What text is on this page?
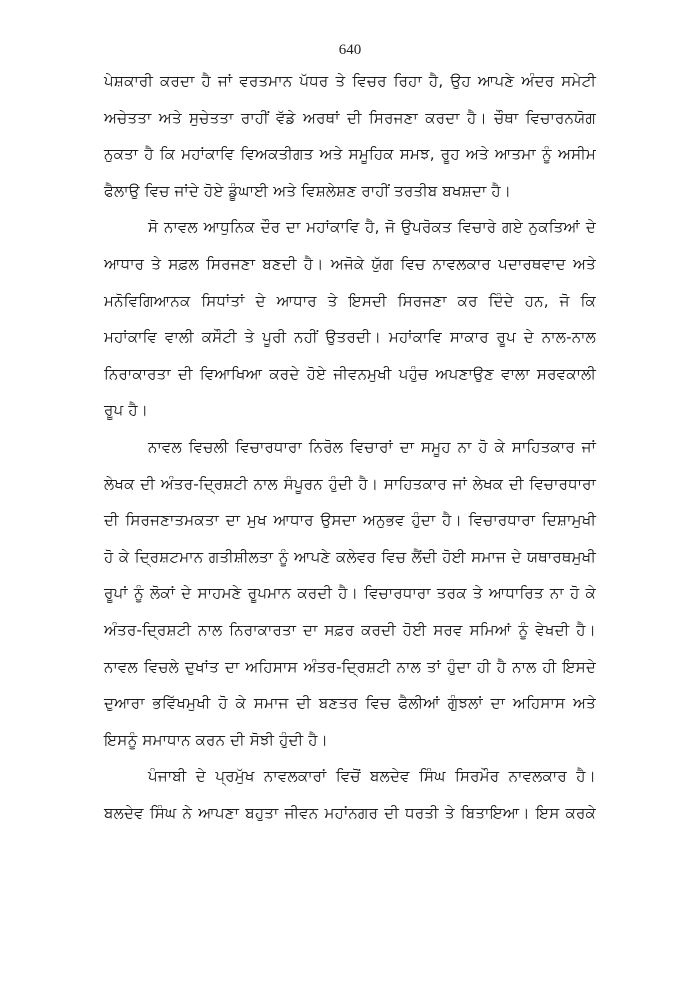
640
ਪੇਸ਼ਕਾਰੀ ਕਰਦਾ ਹੈ ਜਾਂ ਵਰਤਮਾਨ ਪੱਧਰ ਤੇ ਵਿਚਰ ਰਿਹਾ ਹੈ, ਉਹ ਆਪਣੇ ਅੰਦਰ ਸਮੇਟੀ
ਅਚੇਤਤਾ ਅਤੇ ਸੁਚੇਤਤਾ ਰਾਹੀਂ ਵੱਡੇ ਅਰਥਾਂ ਦੀ ਸਿਰਜਣਾ ਕਰਦਾ ਹੈ। ਚੌਥਾ ਵਿਚਾਰਨਯੋਗ
ਨੁਕਤਾ ਹੈ ਕਿ ਮਹਾਂਕਾਵਿ ਵਿਅਕਤੀਗਤ ਅਤੇ ਸਮੂਹਿਕ ਸਮਝ, ਰੂਹ ਅਤੇ ਆਤਮਾ ਨੂੰ ਅਸੀਮ
ਫੈਲਾਉ ਵਿਚ ਜਾਂਦੇ ਹੋਏ ਡੂੰਘਾਈ ਅਤੇ ਵਿਸ਼ਲੇਸ਼ਣ ਰਾਹੀਂ ਤਰਤੀਬ ਬਖਸ਼ਦਾ ਹੈ।
ਸੋ ਨਾਵਲ ਆਧੁਨਿਕ ਦੌਰ ਦਾ ਮਹਾਂਕਾਵਿ ਹੈ, ਜੋ ਉਪਰੋਕਤ ਵਿਚਾਰੇ ਗਏ ਨੁਕਤਿਆਂ ਦੇ
ਆਧਾਰ ਤੇ ਸਫ਼ਲ ਸਿਰਜਣਾ ਬਣਦੀ ਹੈ। ਅਜੋਕੇ ਯੁੱਗ ਵਿਚ ਨਾਵਲਕਾਰ ਪਦਾਰਥਵਾਦ ਅਤੇ
ਮਨੋਵਿਗਿਆਨਕ ਸਿਧਾਂਤਾਂ ਦੇ ਆਧਾਰ ਤੇ ਇਸਦੀ ਸਿਰਜਣਾ ਕਰ ਦਿੰਦੇ ਹਨ, ਜੋ ਕਿ
ਮਹਾਂਕਾਵਿ ਵਾਲੀ ਕਸੌਟੀ ਤੇ ਪੂਰੀ ਨਹੀਂ ਉਤਰਦੀ। ਮਹਾਂਕਾਵਿ ਸਾਕਾਰ ਰੂਪ ਦੇ ਨਾਲ-ਨਾਲ
ਨਿਰਾਕਾਰਤਾ ਦੀ ਵਿਆਖਿਆ ਕਰਦੇ ਹੋਏ ਜੀਵਨਮੁਖੀ ਪਹੁੰਚ ਅਪਣਾਉਣ ਵਾਲਾ ਸਰਵਕਾਲੀ
ਰੂਪ ਹੈ।
ਨਾਵਲ ਵਿਚਲੀ ਵਿਚਾਰਧਾਰਾ ਨਿਰੋਲ ਵਿਚਾਰਾਂ ਦਾ ਸਮੂਹ ਨਾ ਹੋ ਕੇ ਸਾਹਿਤਕਾਰ ਜਾਂ
ਲੇਖਕ ਦੀ ਅੰਤਰ-ਦ੍ਰਿਸ਼ਟੀ ਨਾਲ ਸੰਪੂਰਨ ਹੁੰਦੀ ਹੈ। ਸਾਹਿਤਕਾਰ ਜਾਂ ਲੇਖਕ ਦੀ ਵਿਚਾਰਧਾਰਾ
ਦੀ ਸਿਰਜਣਾਤਮਕਤਾ ਦਾ ਮੁਖ ਆਧਾਰ ਉਸਦਾ ਅਨੁਭਵ ਹੁੰਦਾ ਹੈ। ਵਿਚਾਰਧਾਰਾ ਦਿਸ਼ਾਮੁਖੀ
ਹੋ ਕੇ ਦ੍ਰਿਸ਼ਟਮਾਨ ਗਤੀਸ਼ੀਲਤਾ ਨੂੰ ਆਪਣੇ ਕਲੇਵਰ ਵਿਚ ਲੈਂਦੀ ਹੋਈ ਸਮਾਜ ਦੇ ਯਥਾਰਥਮੁਖੀ
ਰੂਪਾਂ ਨੂੰ ਲੋਕਾਂ ਦੇ ਸਾਹਮਣੇ ਰੂਪਮਾਨ ਕਰਦੀ ਹੈ। ਵਿਚਾਰਧਾਰਾ ਤਰਕ ਤੇ ਆਧਾਰਿਤ ਨਾ ਹੋ ਕੇ
ਅੰਤਰ-ਦ੍ਰਿਸ਼ਟੀ ਨਾਲ ਨਿਰਾਕਾਰਤਾ ਦਾ ਸਫ਼ਰ ਕਰਦੀ ਹੋਈ ਸਰਵ ਸਮਿਆਂ ਨੂੰ ਵੇਖਦੀ ਹੈ।
ਨਾਵਲ ਵਿਚਲੇ ਦੁਖਾਂਤ ਦਾ ਅਹਿਸਾਸ ਅੰਤਰ-ਦ੍ਰਿਸ਼ਟੀ ਨਾਲ ਤਾਂ ਹੁੰਦਾ ਹੀ ਹੈ ਨਾਲ ਹੀ ਇਸਦੇ
ਦੁਆਰਾ ਭਵਿੱਖਮੁਖੀ ਹੋ ਕੇ ਸਮਾਜ ਦੀ ਬਣਤਰ ਵਿਚ ਫੈਲੀਆਂ ਗੁੰਝਲਾਂ ਦਾ ਅਹਿਸਾਸ ਅਤੇ
ਇਸਨੂੰ ਸਮਾਧਾਨ ਕਰਨ ਦੀ ਸੋਝੀ ਹੁੰਦੀ ਹੈ।
ਪੰਜਾਬੀ ਦੇ ਪ੍ਰਮੁੱਖ ਨਾਵਲਕਾਰਾਂ ਵਿਚੋਂ ਬਲਦੇਵ ਸਿੰਘ ਸਿਰਮੌਰ ਨਾਵਲਕਾਰ ਹੈ।
ਬਲਦੇਵ ਸਿੰਘ ਨੇ ਆਪਣਾ ਬਹੁਤਾ ਜੀਵਨ ਮਹਾਂਨਗਰ ਦੀ ਧਰਤੀ ਤੇ ਬਿਤਾਇਆ। ਇਸ ਕਰਕੇ
